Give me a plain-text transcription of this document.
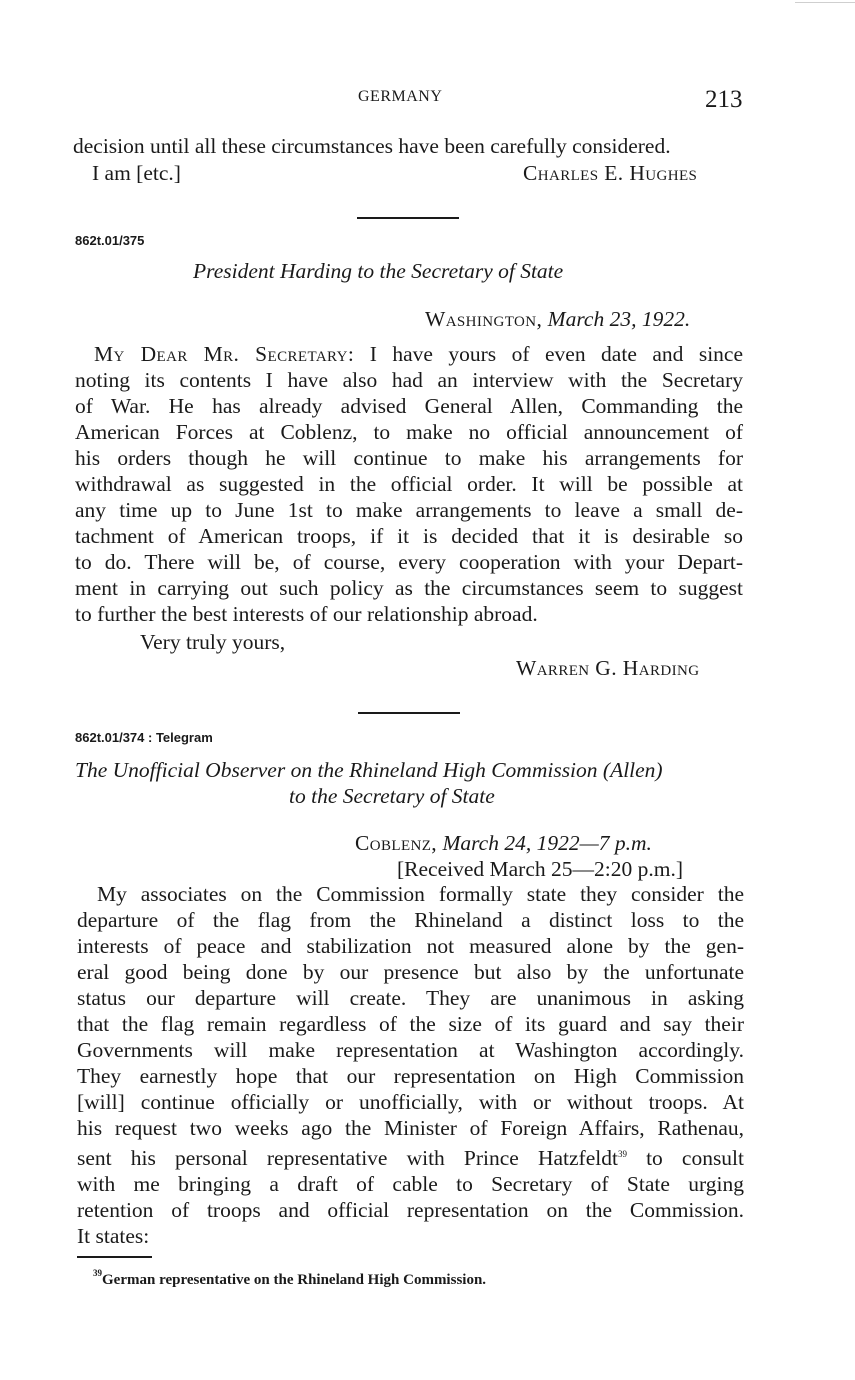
GERMANY	213
decision until all these circumstances have been carefully considered.
I am [etc.]	Charles E. Hughes
862t.01/375
President Harding to the Secretary of State
Washington, March 23, 1922.
My Dear Mr. Secretary: I have yours of even date and since
noting its contents I have also had an interview with the Secretary
of War. He has already advised General Allen, Commanding the
American Forces at Coblenz, to make no official announcement of
his orders though he will continue to make his arrangements for
withdrawal as suggested in the official order. It will be possible at
any time up to June 1st to make arrangements to leave a small de-
tachment of American troops, if it is decided that it is desirable so
to do. There will be, of course, every cooperation with your Depart-
ment in carrying out such policy as the circumstances seem to suggest
to further the best interests of our relationship abroad.
Very truly yours,
Warren G. Harding
862t.01/374 : Telegram
The Unofficial Observer on the Rhineland High Commission (Allen)
to the Secretary of State
Coblenz, March 24, 1922—7 p.m.
[Received March 25—2:20 p.m.]
My associates on the Commission formally state they consider the
departure of the flag from the Rhineland a distinct loss to the
interests of peace and stabilization not measured alone by the gen-
eral good being done by our presence but also by the unfortunate
status our departure will create. They are unanimous in asking
that the flag remain regardless of the size of its guard and say their
Governments will make representation at Washington accordingly.
They earnestly hope that our representation on High Commission
[will] continue officially or unofficially, with or without troops. At
his request two weeks ago the Minister of Foreign Affairs, Rathenau,
sent his personal representative with Prince Hatzfeldt$^{39}$ to consult
with me bringing a draft of cable to Secretary of State urging
retention of troops and official representation on the Commission.
It states:
$^{39}$German representative on the Rhineland High Commission.
